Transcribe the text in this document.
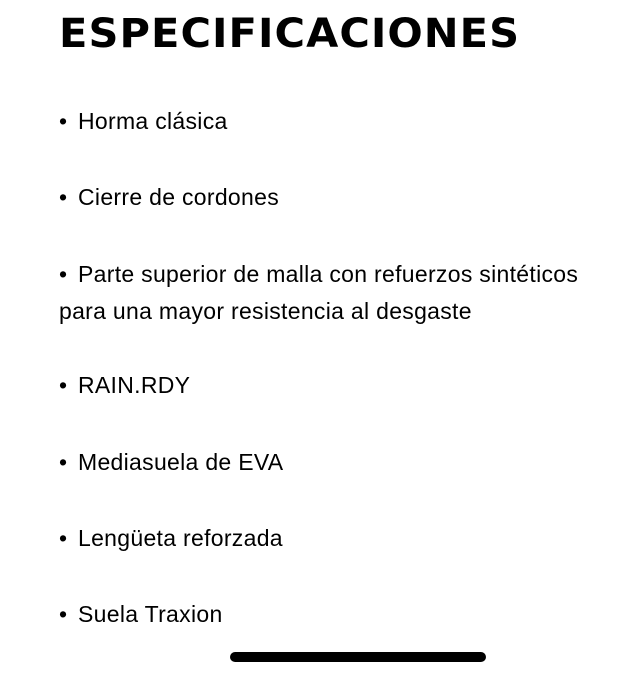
ESPECIFICACIONES
• Horma clásica
• Cierre de cordones
• Parte superior de malla con refuerzos sintéticos
para una mayor resistencia al desgaste
• RAIN.RDY
• Mediasuela de EVA
• Lengüeta reforzada
• Suela Traxion
